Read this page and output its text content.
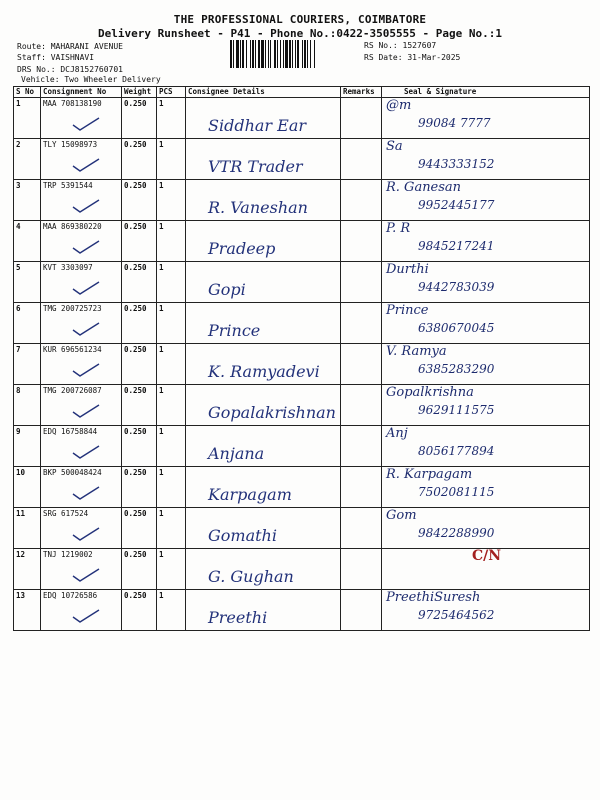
THE PROFESSIONAL COURIERS, COIMBATORE
Delivery Runsheet - P41 - Phone No.:0422-3505555 - Page No.:1
Route: MAHARANI AVENUE
Staff: VAISHNAVI
DRS No.: DCJ8152760701
Vehicle: Two Wheeler Delivery
RS No.: 1527607
RS Date: 31-Mar-2025
S No	Consignment No	Weight	PCS	Consignee Details	Remarks	Seal & Signature
1	MAA 708138190	0.250	1	Siddhar Ear		@m
99084 7777

2	TLY 15098973	0.250	1	VTR Trader		Sa
9443333152

3	TRP 5391544	0.250	1	R. Vaneshan		R. Ganesan
9952445177

4	MAA 869380220	0.250	1	Pradeep		P. R
9845217241

5	KVT 3303097	0.250	1	Gopi		Durthi
9442783039

6	TMG 200725723	0.250	1	Prince		Prince
6380670045

7	KUR 696561234	0.250	1	K. Ramyadevi		V. Ramya
6385283290

8	TMG 200726087	0.250	1	Gopalakrishnan		Gopalkrishna
9629111575

9	EDQ 16758844	0.250	1	Anjana		Anj
8056177894

10	BKP 500048424	0.250	1	Karpagam		R. Karpagam
7502081115

11	SRG 617524	0.250	1	Gomathi		Gom
9842288990

12	TNJ 1219002	0.250	1	G. Gughan		C/N

13	EDQ 10726586	0.250	1	Preethi		PreethiSuresh
9725464562
